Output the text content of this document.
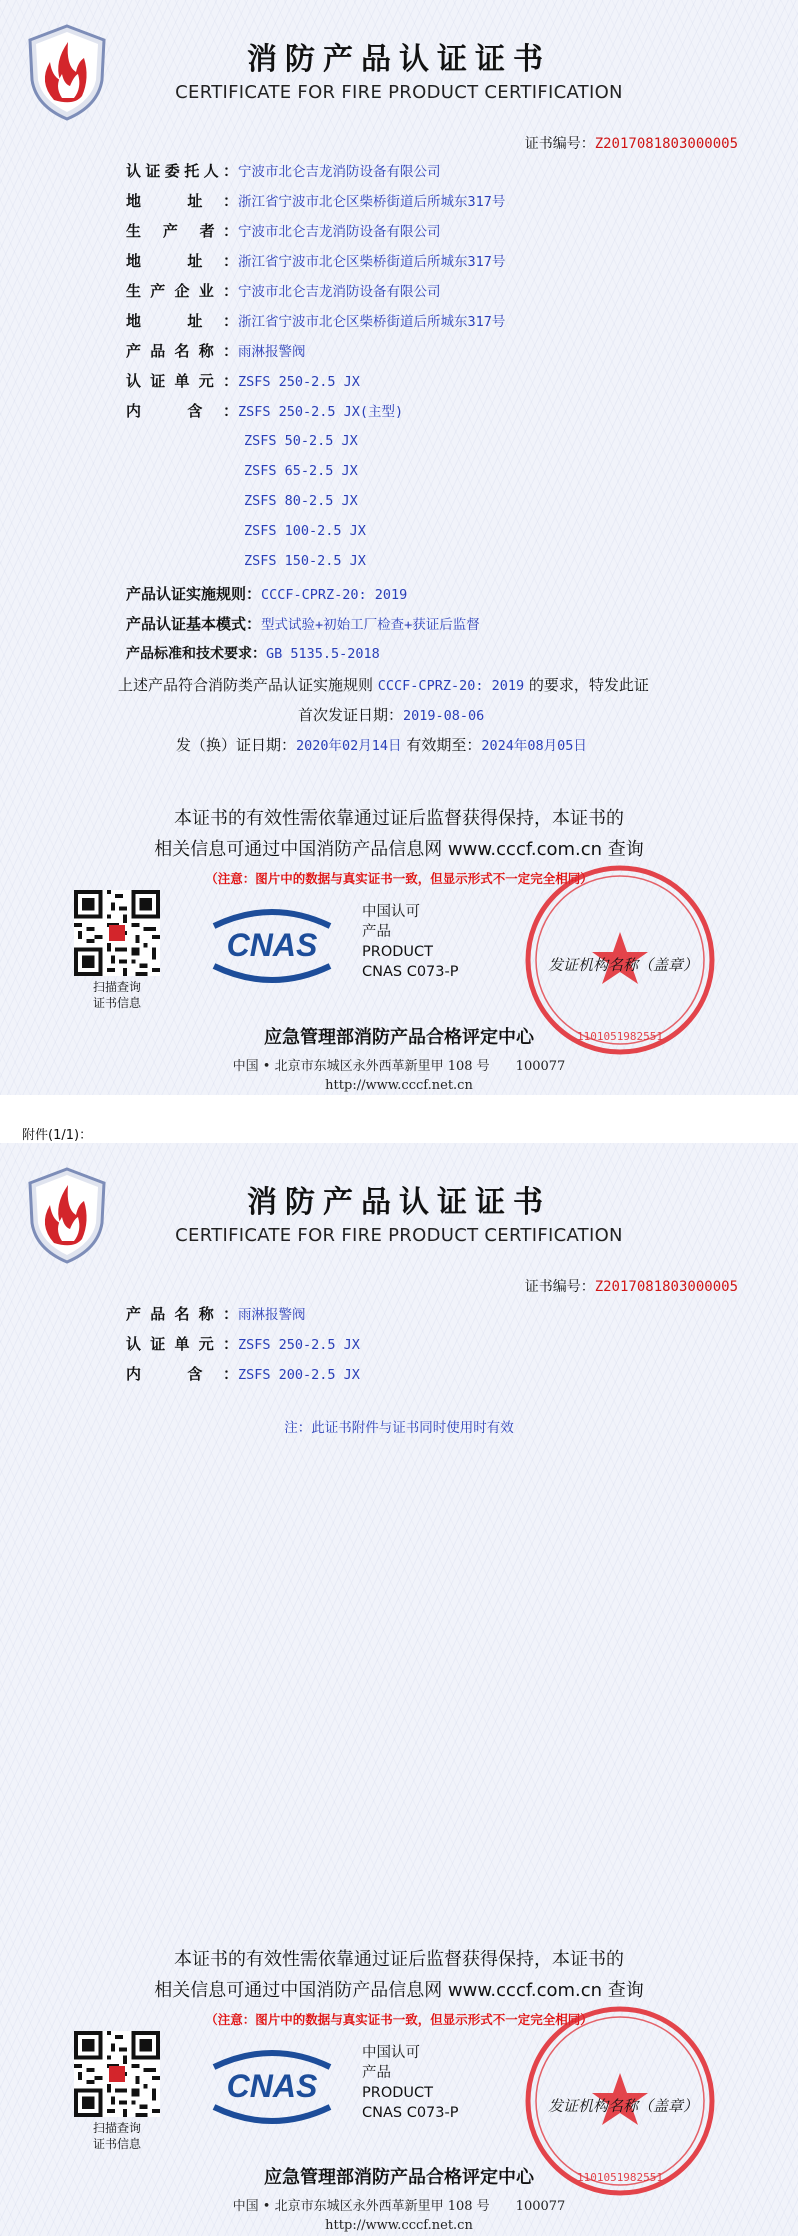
消防产品认证证书
CERTIFICATE FOR FIRE PRODUCT CERTIFICATION
证书编号：Z2017081803000005
认证委托人：宁波市北仑吉龙消防设备有限公司
地 址：浙江省宁波市北仑区柴桥街道后所城东317号
生 产 者：宁波市北仑吉龙消防设备有限公司
地 址：浙江省宁波市北仑区柴桥街道后所城东317号
生产企业：宁波市北仑吉龙消防设备有限公司
地 址：浙江省宁波市北仑区柴桥街道后所城东317号
产品名称：雨淋报警阀
认证单元：ZSFS 250-2.5 JX
内 含：ZSFS 250-2.5 JX(主型)
ZSFS 50-2.5 JX
ZSFS 65-2.5 JX
ZSFS 80-2.5 JX
ZSFS 100-2.5 JX
ZSFS 150-2.5 JX
产品认证实施规则：CCCF-CPRZ-20: 2019
产品认证基本模式：型式试验+初始工厂检查+获证后监督
产品标准和技术要求：GB 5135.5-2018
上述产品符合消防类产品认证实施规则 CCCF-CPRZ-20: 2019 的要求，特发此证
首次发证日期：2019-08-06
发（换）证日期：2020年02月14日 有效期至：2024年08月05日
本证书的有效性需依靠通过证后监督获得保持，本证书的
相关信息可通过中国消防产品信息网 www.cccf.com.cn 查询
（注意：图片中的数据与真实证书一致，但显示形式不一定完全相同）
扫描查询
证书信息
CNAS
中国认可
产品
PRODUCT
CNAS C073-P
1101051982551
发证机构名称（盖章）
应急管理部消防产品合格评定中心
中国 • 北京市东城区永外西革新里甲 108 号　　100077
http://www.cccf.net.cn
附件(1/1)：
消防产品认证证书
CERTIFICATE FOR FIRE PRODUCT CERTIFICATION
证书编号：Z2017081803000005
产品名称：雨淋报警阀
认证单元：ZSFS 250-2.5 JX
内 含：ZSFS 200-2.5 JX
注：此证书附件与证书同时使用时有效
本证书的有效性需依靠通过证后监督获得保持，本证书的
相关信息可通过中国消防产品信息网 www.cccf.com.cn 查询
（注意：图片中的数据与真实证书一致，但显示形式不一定完全相同）
扫描查询
证书信息
CNAS
中国认可
产品
PRODUCT
CNAS C073-P
1101051982551
发证机构名称（盖章）
应急管理部消防产品合格评定中心
中国 • 北京市东城区永外西革新里甲 108 号　　100077
http://www.cccf.net.cn
